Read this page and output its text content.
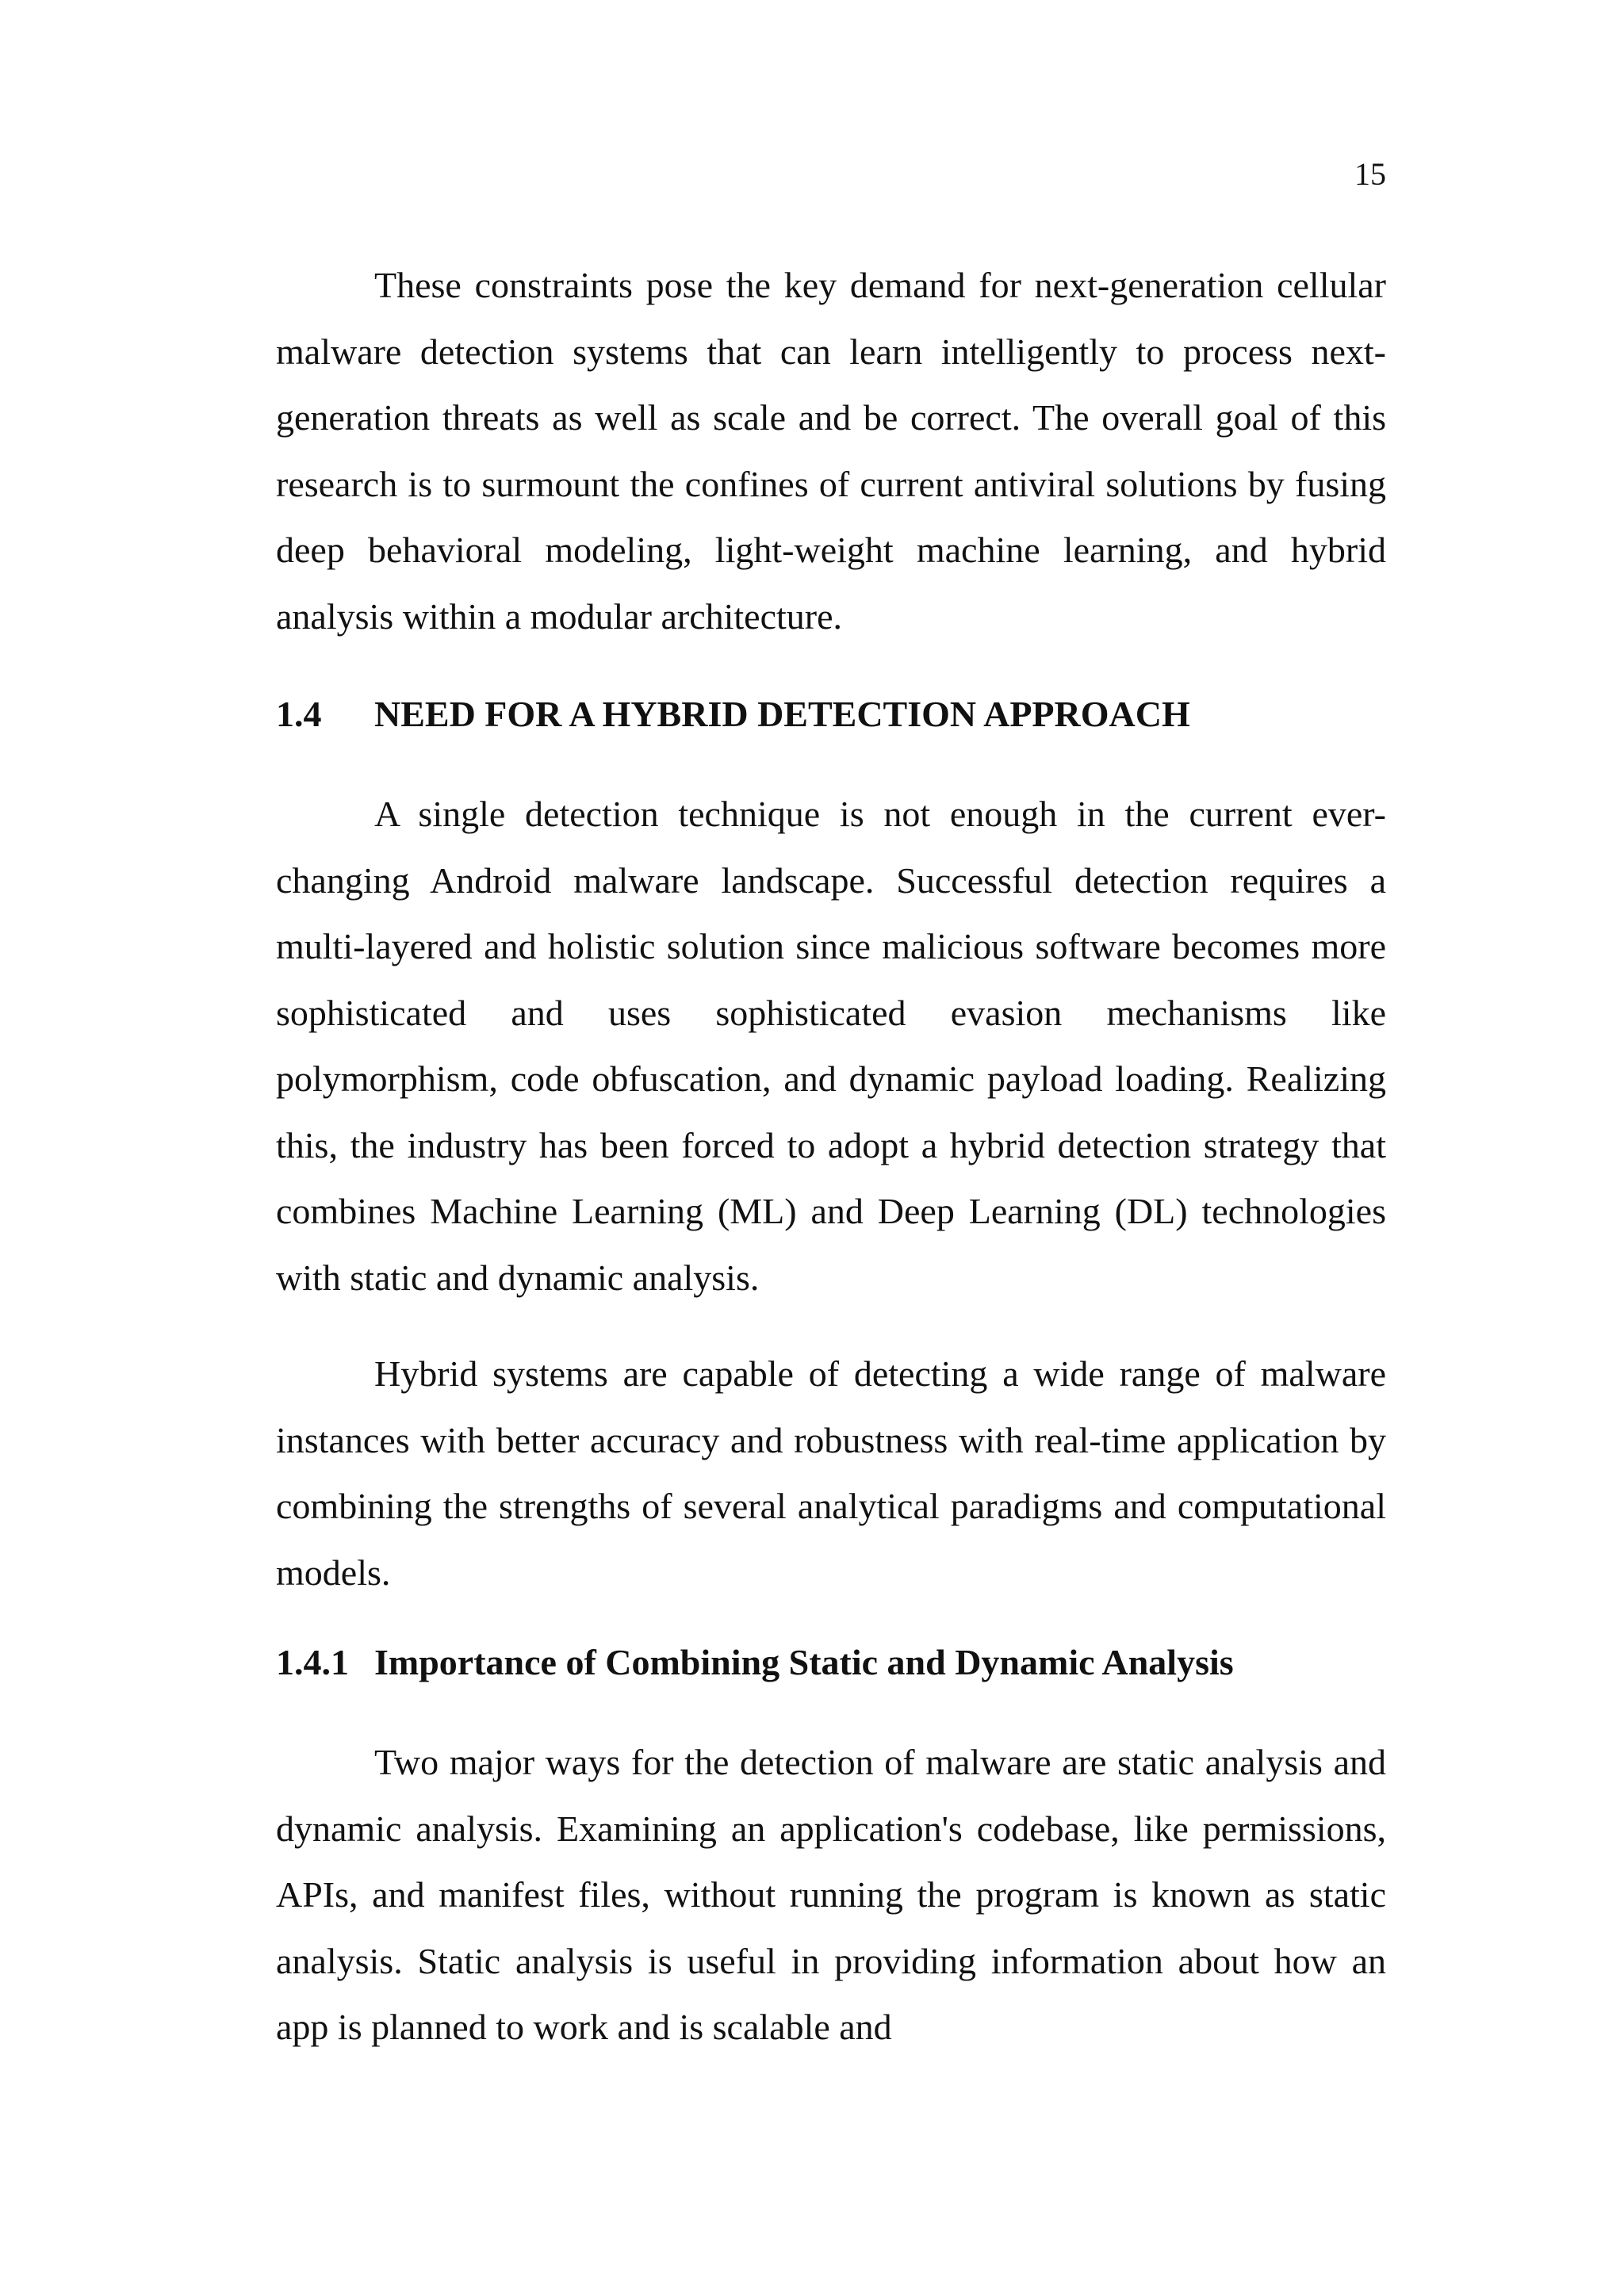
15

These constraints pose the key demand for next-generation cellular malware detection systems that can learn intelligently to process next-generation threats as well as scale and be correct. The overall goal of this research is to surmount the confines of current antiviral solutions by fusing deep behavioral modeling, light-weight machine learning, and hybrid analysis within a modular architecture.

1.4	NEED FOR A HYBRID DETECTION APPROACH

A single detection technique is not enough in the current ever-changing Android malware landscape. Successful detection requires a multi-layered and holistic solution since malicious software becomes more sophisticated and uses sophisticated evasion mechanisms like polymorphism, code obfuscation, and dynamic payload loading. Realizing this, the industry has been forced to adopt a hybrid detection strategy that combines Machine Learning (ML) and Deep Learning (DL) technologies with static and dynamic analysis.

Hybrid systems are capable of detecting a wide range of malware instances with better accuracy and robustness with real-time application by combining the strengths of several analytical paradigms and computational models.

1.4.1 Importance of Combining Static and Dynamic Analysis

Two major ways for the detection of malware are static analysis and dynamic analysis. Examining an application's codebase, like permissions, APIs, and manifest files, without running the program is known as static analysis. Static analysis is useful in providing information about how an app is planned to work and is scalable and
